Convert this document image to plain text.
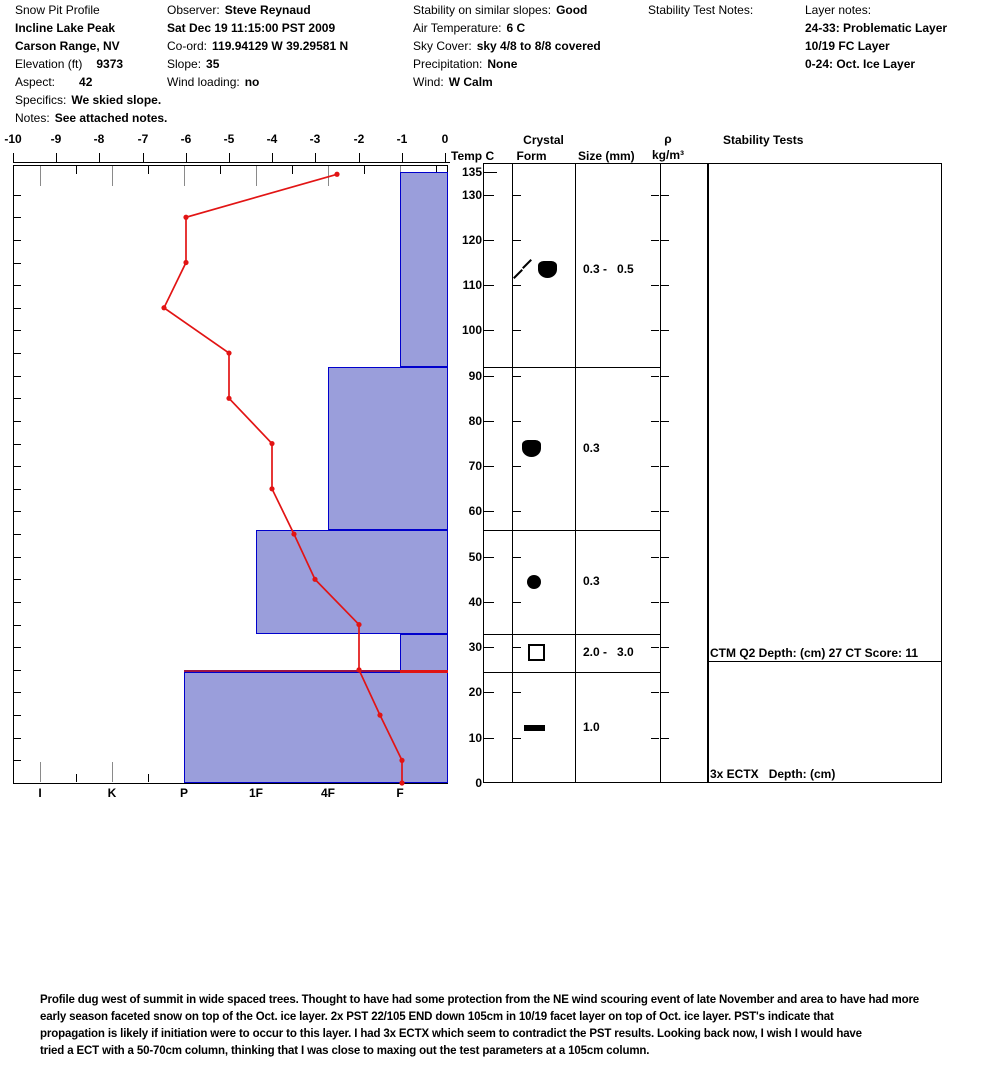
Snow Pit Profile
Incline Lake Peak
Carson Range, NV
Elevation (ft) 9373
Aspect: 42
Specifics: We skied slope.
Notes: See attached notes.
Observer: Steve Reynaud
Sat Dec 19 11:15:00 PST 2009
Co-ord: 119.94129 W 39.29581 N
Slope: 35
Wind loading: no
Stability on similar slopes: Good
Air Temperature: 6 C
Sky Cover: sky 4/8 to 8/8 covered
Precipitation: None
Wind: W Calm
Stability Test Notes:	Layer notes:
24-33: Problematic Layer
10/19 FC Layer
0-24: Oct. Ice Layer
Temp C
Crystal
Form	Size (mm)
ρ
kg/m³
Stability Tests
-10	-9	-8	-7	-6	-5	-4	-3	-2	-1	0
135
130
120
110
100
90
80
70
60
50
40
30
20
10
0
I	K	P	1F	4F	F
0.3 -   0.5
0.3
0.3
2.0 -   3.0
1.0
CTM Q2 Depth: (cm) 27 CT Score: 11
3x ECTX   Depth: (cm)
Profile dug west of summit in wide spaced trees. Thought to have had some protection from the NE wind scouring event of late November and area to have had more
early season faceted snow on top of the Oct. ice layer. 2x PST 22/105 END down 105cm in 10/19 facet layer on top of Oct. ice layer. PST's indicate that
propagation is likely if initiation were to occur to this layer. I had 3x ECTX which seem to contradict the PST results. Looking back now, I wish I would have
tried a ECT with a 50-70cm column, thinking that I was close to maxing out the test parameters at a 105cm column.
